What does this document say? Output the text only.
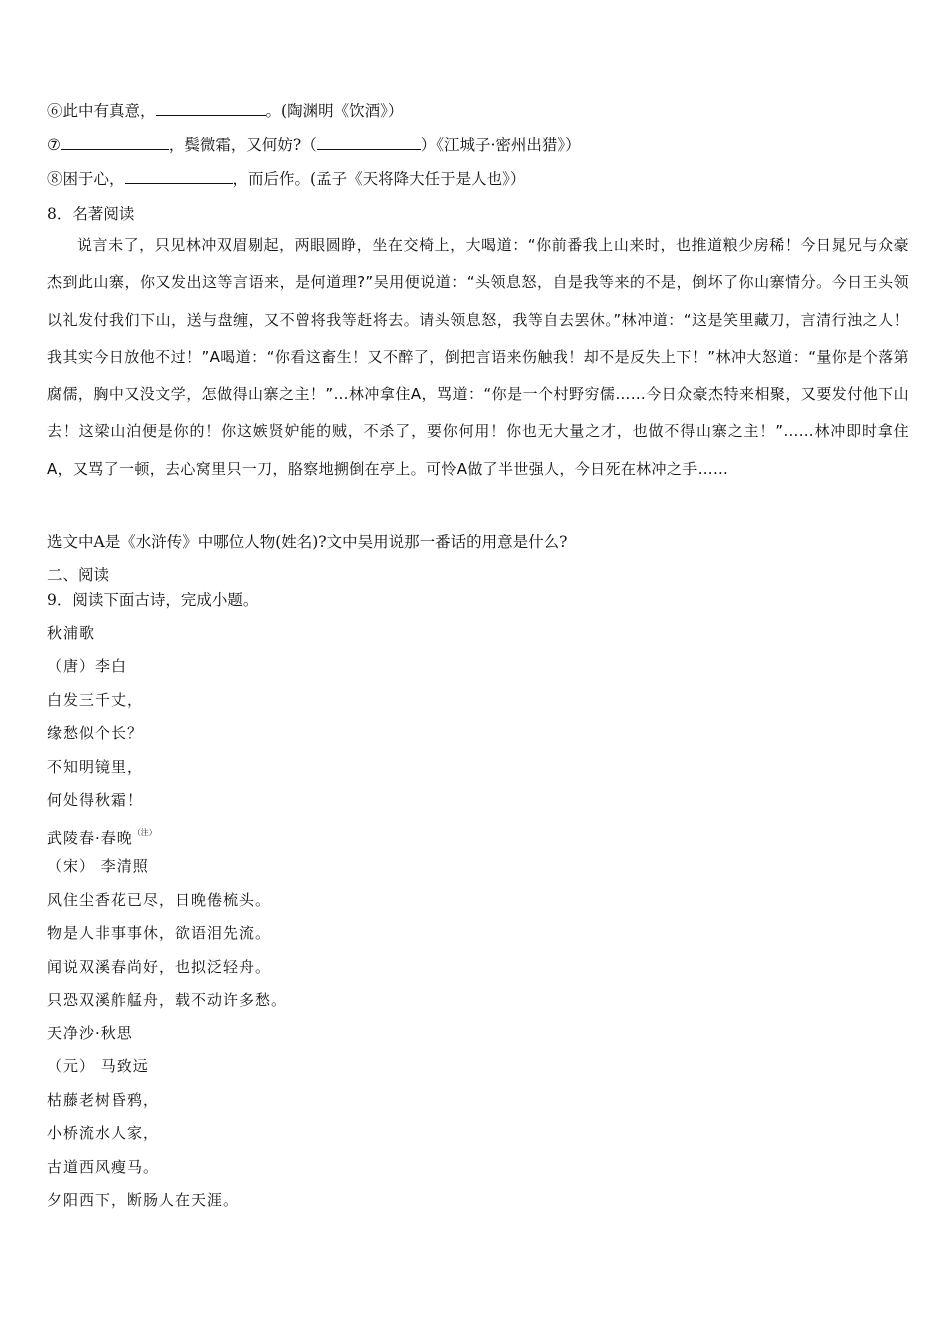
⑥此中有真意，	。(陶渊明《饮酒》）
⑦	，鬓微霜，又何妨?（	）《江城子·密州出猎》）
⑧困于心，	，而后作。(孟子《天将降大任于是人也》）
8．名著阅读
说言未了，只见林冲双眉剔起，两眼圆睁，坐在交椅上，大喝道：“你前番我上山来时，也推道粮少房稀！今日晁兄与众豪杰到此山寨，你又发出这等言语来，是何道理?”吴用便说道：“头领息怒，自是我等来的不是，倒坏了你山寨情分。今日王头领以礼发付我们下山，送与盘缠，又不曾将我等赶将去。请头领息怒，我等自去罢休。”林冲道：“这是笑里藏刀，言清行浊之人！我其实今日放他不过！”A喝道：“你看这畜生！又不醉了，倒把言语来伤触我！却不是反失上下！”林冲大怒道：“量你是个落第腐儒，胸中又没文学，怎做得山寨之主！”…林冲拿住A，骂道：“你是一个村野穷儒……今日众豪杰特来相聚，又要发付他下山去！这梁山泊便是你的！你这嫉贤妒能的贼，不杀了，要你何用！你也无大量之才，也做不得山寨之主！”……林冲即时拿住A，又骂了一顿，去心窝里只一刀，胳察地搠倒在亭上。可怜A做了半世强人，今日死在林冲之手……
选文中A是《水浒传》中哪位人物(姓名)?文中吴用说那一番话的用意是什么?
二、阅读
9．阅读下面古诗，完成小题。
秋浦歌
（唐）李白
白发三千丈，
缘愁似个长？
不知明镜里，
何处得秋霜！
武陵春·春晚$^{(注)}$
（宋） 李清照
风住尘香花已尽，日晚倦梳头。
物是人非事事休，欲语泪先流。
闻说双溪春尚好，也拟泛轻舟。
只恐双溪舴艋舟，载不动许多愁。
天净沙·秋思
（元） 马致远
枯藤老树昏鸦，
小桥流水人家，
古道西风瘦马。
夕阳西下，断肠人在天涯。
